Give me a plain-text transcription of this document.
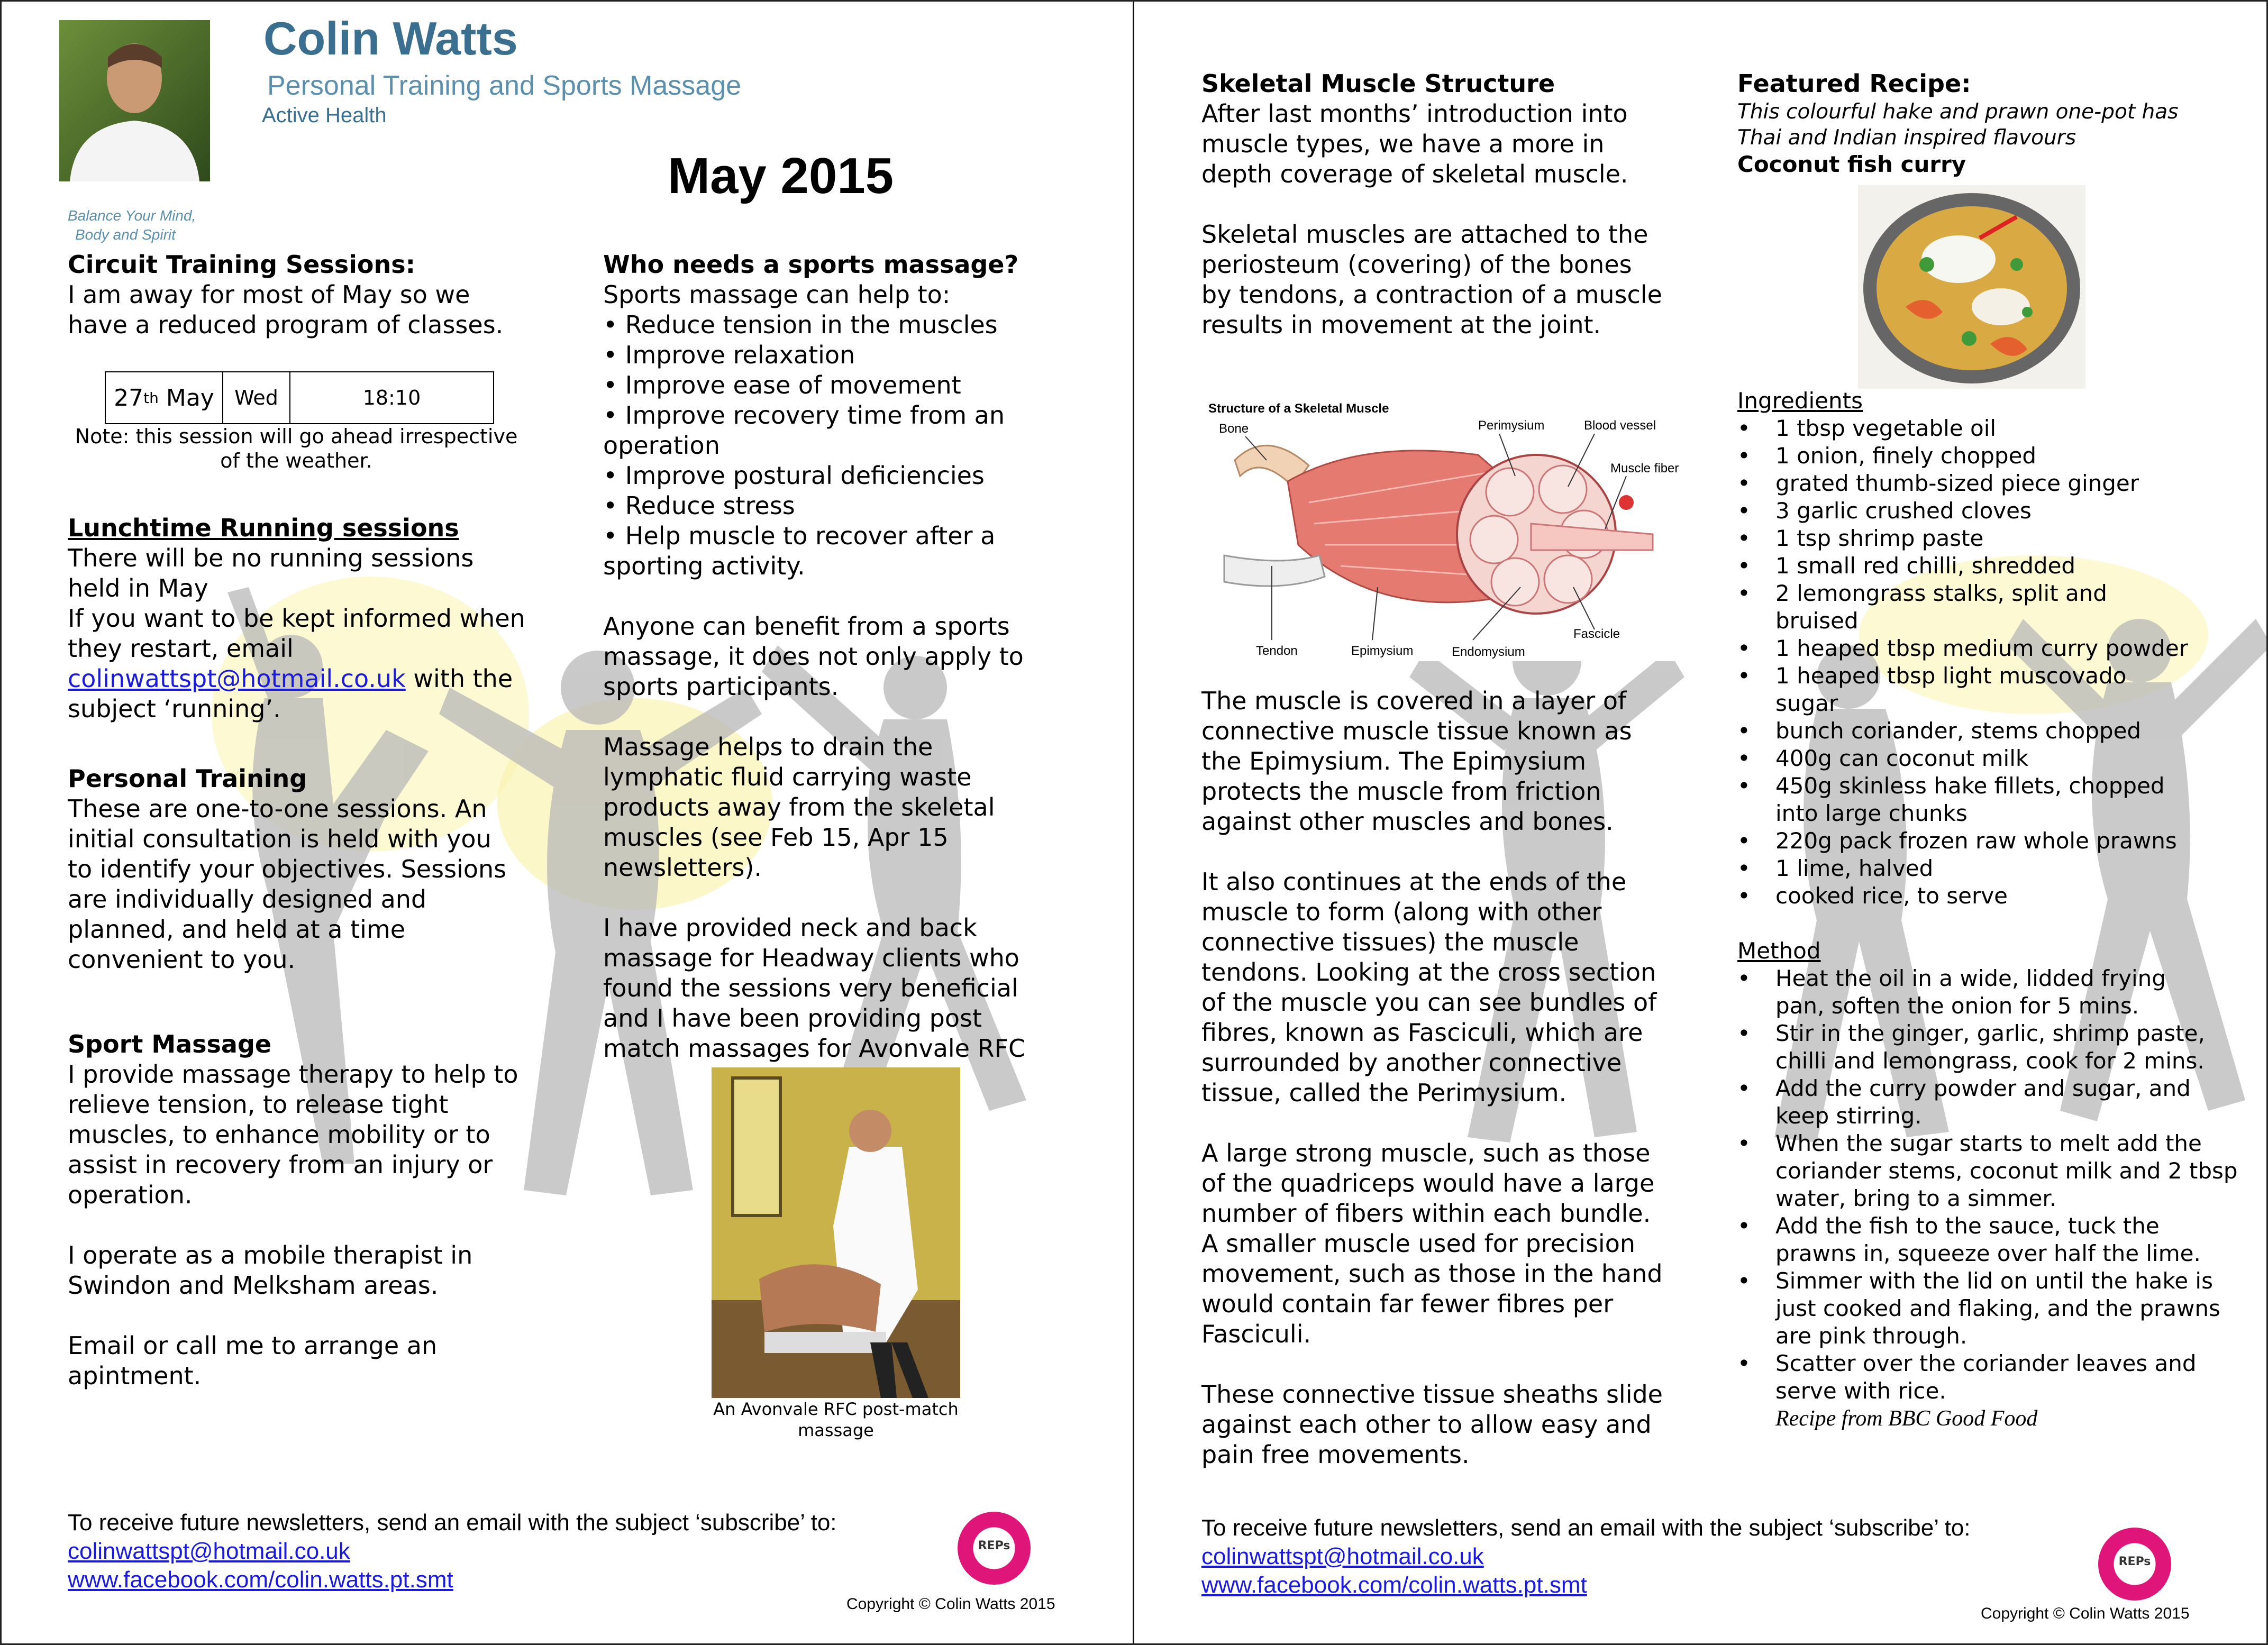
Colin Watts
Personal Training and Sports Massage
Active Health
Balance Your Mind,
Body and Spirit
May 2015
Circuit Training Sessions:
I am away for most of May so we have a reduced program of classes.
27 th May Wed	18:10
Note: this session will go ahead irrespective of the weather.
Lunchtime Running sessions
There will be no running sessions held in May
If you want to be kept informed when they restart, email
colinwattspt@hotmail.co.uk with the subject ‘running’.
Personal Training
These are one-to-one sessions. An initial consultation is held with you to identify your objectives. Sessions are individually designed and planned, and held at a time convenient to you.
Sport Massage
I provide massage therapy to help to relieve tension, to release tight muscles, to enhance mobility or to assist in recovery from an injury or operation.
I operate as a mobile therapist in Swindon and Melksham areas.
Email or call me to arrange an apintment.
Who needs a sports massage?
Sports massage can help to:
• Reduce tension in the muscles
• Improve relaxation
• Improve ease of movement
• Improve recovery time from an operation
• Improve postural deficiencies
• Reduce stress
• Help muscle to recover after a sporting activity.
Anyone can benefit from a sports massage, it does not only apply to sports participants.
Massage helps to drain the lymphatic fluid carrying waste products away from the skeletal muscles (see Feb 15, Apr 15 newsletters).
I have provided neck and back massage for Headway clients who found the sessions very beneficial and I have been providing post match massages for Avonvale RFC
An Avonvale RFC post-match massage
To receive future newsletters, send an email with the subject ‘subscribe’ to:
colinwattspt@hotmail.co.uk
www.facebook.com/colin.watts.pt.smt
REPs
Copyright © Colin Watts 2015
Skeletal Muscle Structure
After last months’ introduction into muscle types, we have a more in depth coverage of skeletal muscle.
Skeletal muscles are attached to the periosteum (covering) of the bones by tendons, a contraction of a muscle results in movement at the joint.
Structure of a Skeletal Muscle
Bone	Perimysium	Blood vessel
Muscle fiber
Tendon	Epimysium	Endomysium
Fascicle
The muscle is covered in a layer of connective muscle tissue known as the Epimysium. The Epimysium protects the muscle from friction against other muscles and bones.
It also continues at the ends of the muscle to form (along with other connective tissues) the muscle tendons. Looking at the cross section of the muscle you can see bundles of fibres, known as Fasciculi, which are surrounded by another connective tissue, called the Perimysium.
A large strong muscle, such as those of the quadriceps would have a large number of fibers within each bundle. A smaller muscle used for precision movement, such as those in the hand would contain far fewer fibres per Fasciculi.
These connective tissue sheaths slide against each other to allow easy and pain free movements.
Featured Recipe:
This colourful hake and prawn one-pot has Thai and Indian inspired flavours
Coconut fish curry
Ingredients
• 1 tbsp vegetable oil
• 1 onion, finely chopped
• grated thumb-sized piece ginger
• 3 garlic crushed cloves
• 1 tsp shrimp paste
• 1 small red chilli, shredded
• 2 lemongrass stalks, split and bruised
• 1 heaped tbsp medium curry powder
• 1 heaped tbsp light muscovado sugar
• bunch coriander, stems chopped
• 400g can coconut milk
• 450g skinless hake fillets, chopped into large chunks
• 220g pack frozen raw whole prawns
• 1 lime, halved
• cooked rice, to serve
Method
• Heat the oil in a wide, lidded frying pan, soften the onion for 5 mins.
• Stir in the ginger, garlic, shrimp paste, chilli and lemongrass, cook for 2 mins.
• Add the curry powder and sugar, and keep stirring.
• When the sugar starts to melt add the coriander stems, coconut milk and 2 tbsp water, bring to a simmer.
• Add the fish to the sauce, tuck the prawns in, squeeze over half the lime.
• Simmer with the lid on until the hake is just cooked and flaking, and the prawns are pink through.
• Scatter over the coriander leaves and serve with rice.
Recipe from BBC Good Food
To receive future newsletters, send an email with the subject ‘subscribe’ to:
colinwattspt@hotmail.co.uk
www.facebook.com/colin.watts.pt.smt
REPs
Copyright © Colin Watts 2015
